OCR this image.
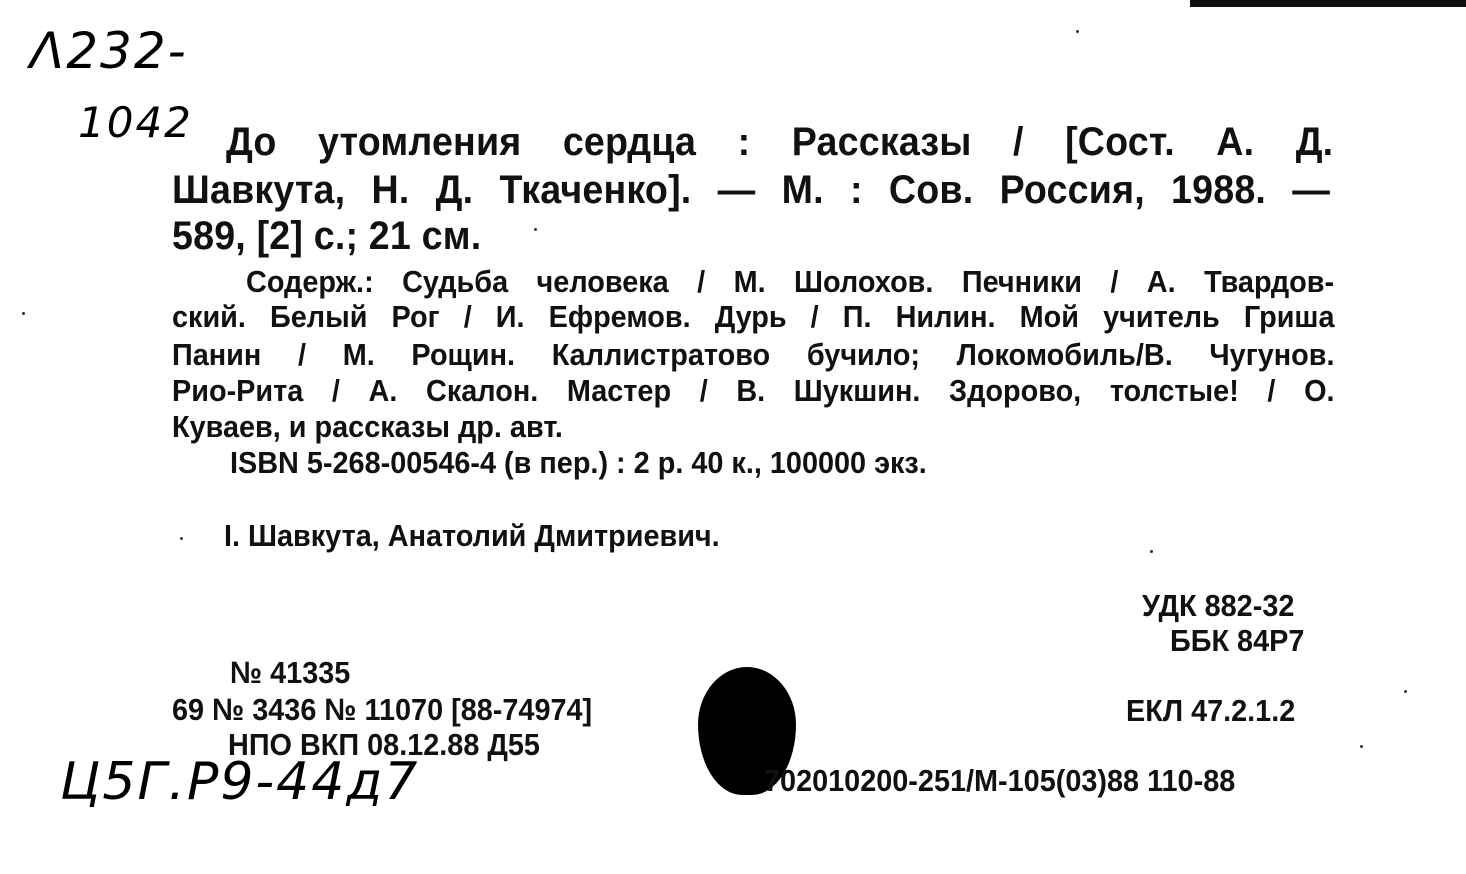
Λ232-
1042 До утомления сердца : Рассказы / [Сост. А. Д.
Шавкута, Н. Д. Ткаченко]. — М. : Сов. Россия, 1988. —
589, [2] с.; 21 см.
Содерж.: Судьба человека / М. Шолохов. Печники / А. Твардов-
ский. Белый Рог / И. Ефремов. Дурь / П. Нилин. Мой учитель Гриша
Панин / М. Рощин. Каллистратово бучило; Локомобиль/В. Чугунов.
Рио-Рита / А. Скалон. Мастер / В. Шукшин. Здорово, толстые! / О.
Куваев, и рассказы др. авт.
ISBN 5-268-00546-4 (в пер.) : 2 р. 40 к., 100000 экз.
I. Шавкута, Анатолий Дмитриевич.
УДК 882-32
ББК 84Р7
ЕКЛ 47.2.1.2
№ 41335
69 № 3436 № 11070 [88-74974]
НПО ВКП 08.12.88 Д55
702010200-251/М-105(03)88 110-88
Ц5Г.Р9-44д7
